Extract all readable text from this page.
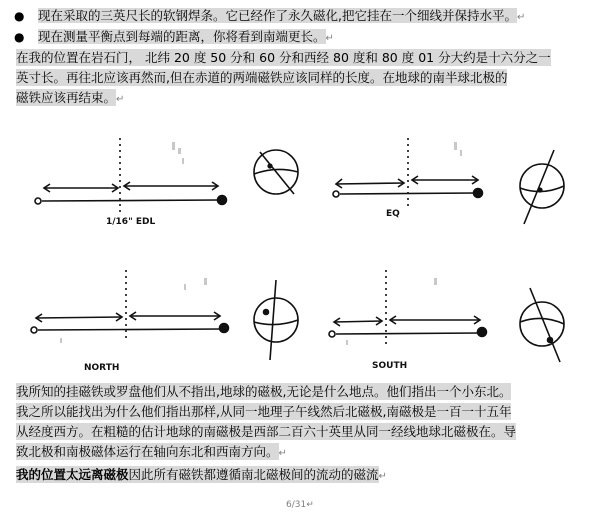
● 现在采取的三英尺长的软钢焊条。它已经作了永久磁化,把它挂在一个细线并保持水平。↵
● 现在测量平衡点到每端的距离，你将看到南端更长。↵
在我的位置在岩石门， 北纬 20 度 50 分和 60 分和西经 80 度和 80 度 01 分大约是十六分之一
英寸长。再往北应该再然而,但在赤道的两端磁铁应该同样的长度。在地球的南半球北极的
磁铁应该再结束。↵
1/16" EDL
EQ
NORTH	SOUTH
我所知的挂磁铁或罗盘他们从不指出,地球的磁极,无论是什么地点。他们指出一个小东北。
我之所以能找出为什么他们指出那样,从同一地理子午线然后北磁极,南磁极是一百一十五年
从经度西方。在粗糙的估计地球的南磁极是西部二百六十英里从同一经线地球北磁极在。导
致北极和南极磁体运行在轴向东北和西南方向。↵
我的位置太远离磁极因此所有磁铁都遵循南北磁极间的流动的磁流↵
6/31↵
